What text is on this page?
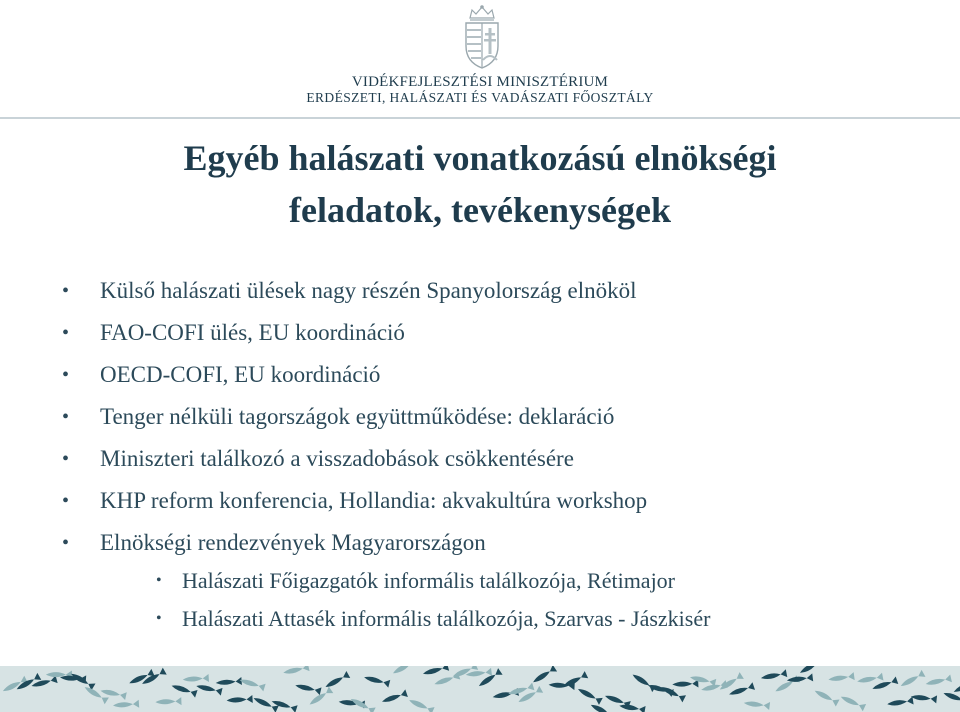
VIDÉKFEJLESZTÉSI MINISZTÉRIUM
ERDÉSZETI, HALÁSZATI ÉS VADÁSZATI FŐOSZTÁLY
Egyéb halászati vonatkozású elnökségi
feladatok, tevékenységek
• Külső halászati ülések nagy részén Spanyolország elnököl
• FAO-COFI ülés, EU koordináció
• OECD-COFI, EU koordináció
• Tenger nélküli tagországok együttműködése: deklaráció
• Miniszteri találkozó a visszadobások csökkentésére
• KHP reform konferencia, Hollandia: akvakultúra workshop
• Elnökségi rendezvények Magyarországon
• Halászati Főigazgatók informális találkozója, Rétimajor
• Halászati Attasék informális találkozója, Szarvas - Jászkisér
